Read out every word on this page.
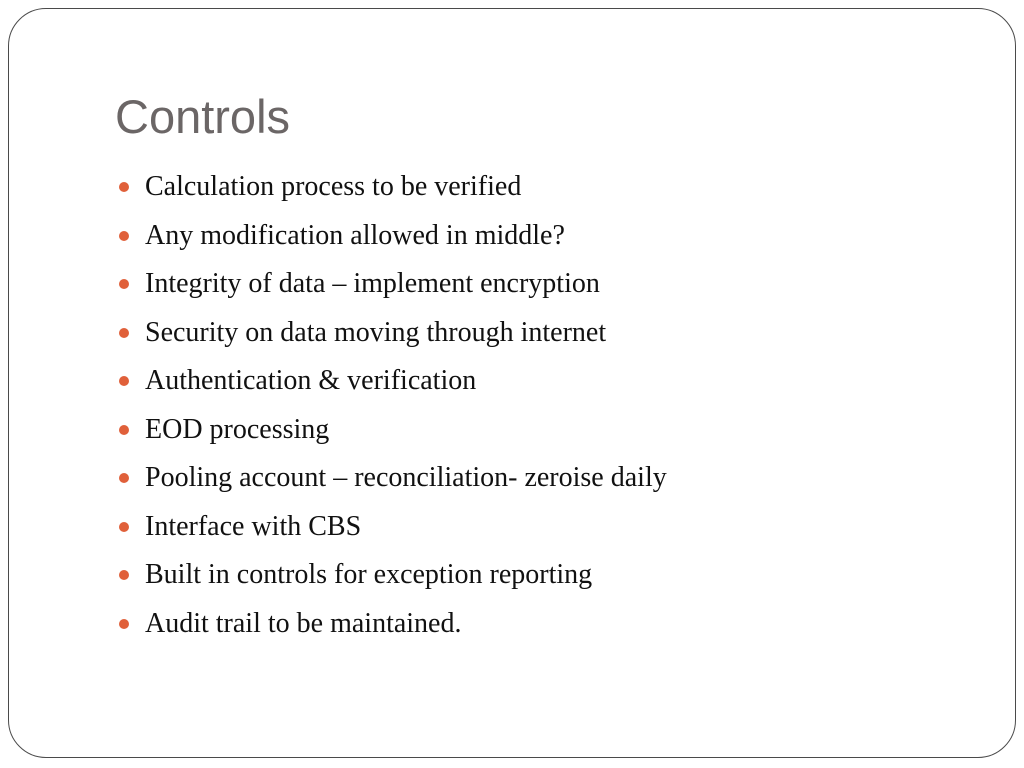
Controls
Calculation process to be verified
Any modification allowed in middle?
Integrity of data – implement encryption
Security on data moving through internet
Authentication & verification
EOD processing
Pooling account – reconciliation- zeroise daily
Interface with CBS
Built in controls for exception reporting
Audit trail to be maintained.
